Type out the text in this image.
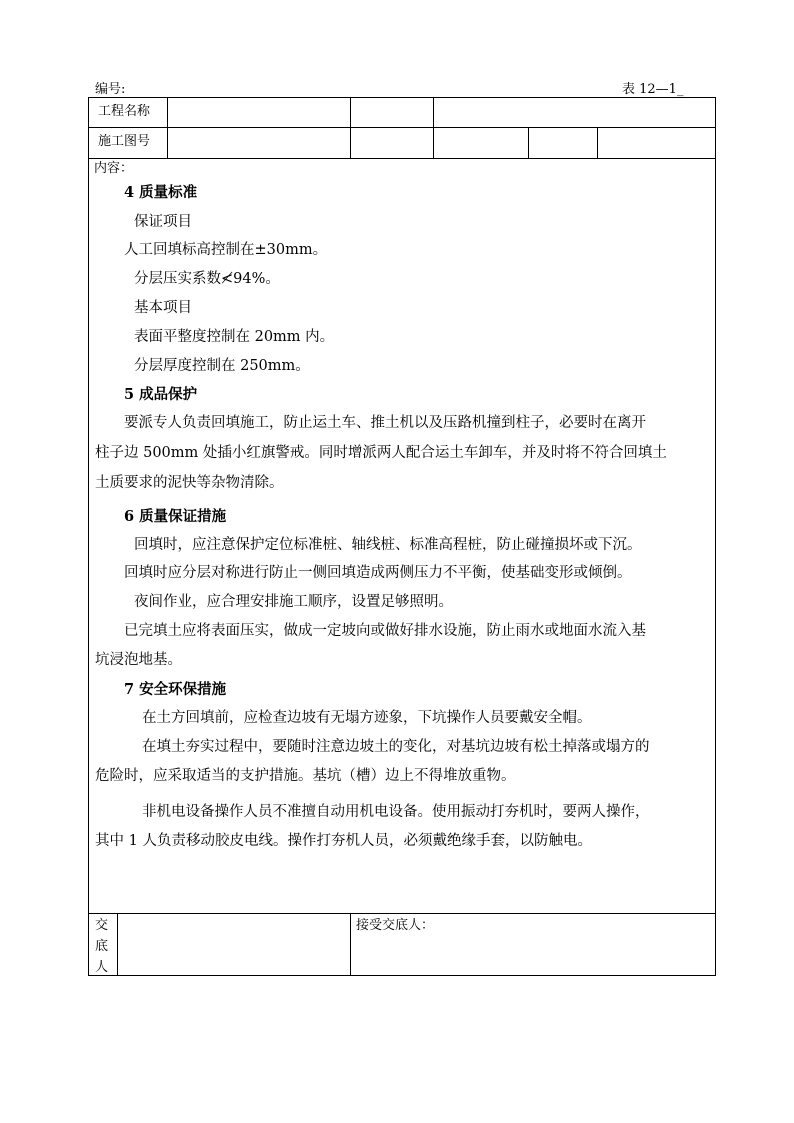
编号:	表 12—1_
工程名称
施工图号
内容：
4 质量标准
保证项目
人工回填标高控制在±30mm。
分层压实系数≮94%。
基本项目
表面平整度控制在 20mm 内。
分层厚度控制在 250mm。
5 成品保护
要派专人负责回填施工，防止运土车、推土机以及压路机撞到柱子，必要时在离开
柱子边 500mm 处插小红旗警戒。同时增派两人配合运土车卸车，并及时将不符合回填土
土质要求的泥快等杂物清除。
6 质量保证措施
回填时，应注意保护定位标准桩、轴线桩、标准高程桩，防止碰撞损坏或下沉。
回填时应分层对称进行防止一侧回填造成两侧压力不平衡，使基础变形或倾倒。
夜间作业，应合理安排施工顺序，设置足够照明。
已完填土应将表面压实，做成一定坡向或做好排水设施，防止雨水或地面水流入基
坑浸泡地基。
7 安全环保措施
在土方回填前，应检查边坡有无塌方迹象，下坑操作人员要戴安全帽。
在填土夯实过程中，要随时注意边坡土的变化，对基坑边坡有松土掉落或塌方的
危险时，应采取适当的支护措施。基坑（槽）边上不得堆放重物。
非机电设备操作人员不准擅自动用机电设备。使用振动打夯机时，要两人操作，
其中 1 人负责移动胶皮电线。操作打夯机人员，必须戴绝缘手套，以防触电。
交
底
人
接受交底人：
